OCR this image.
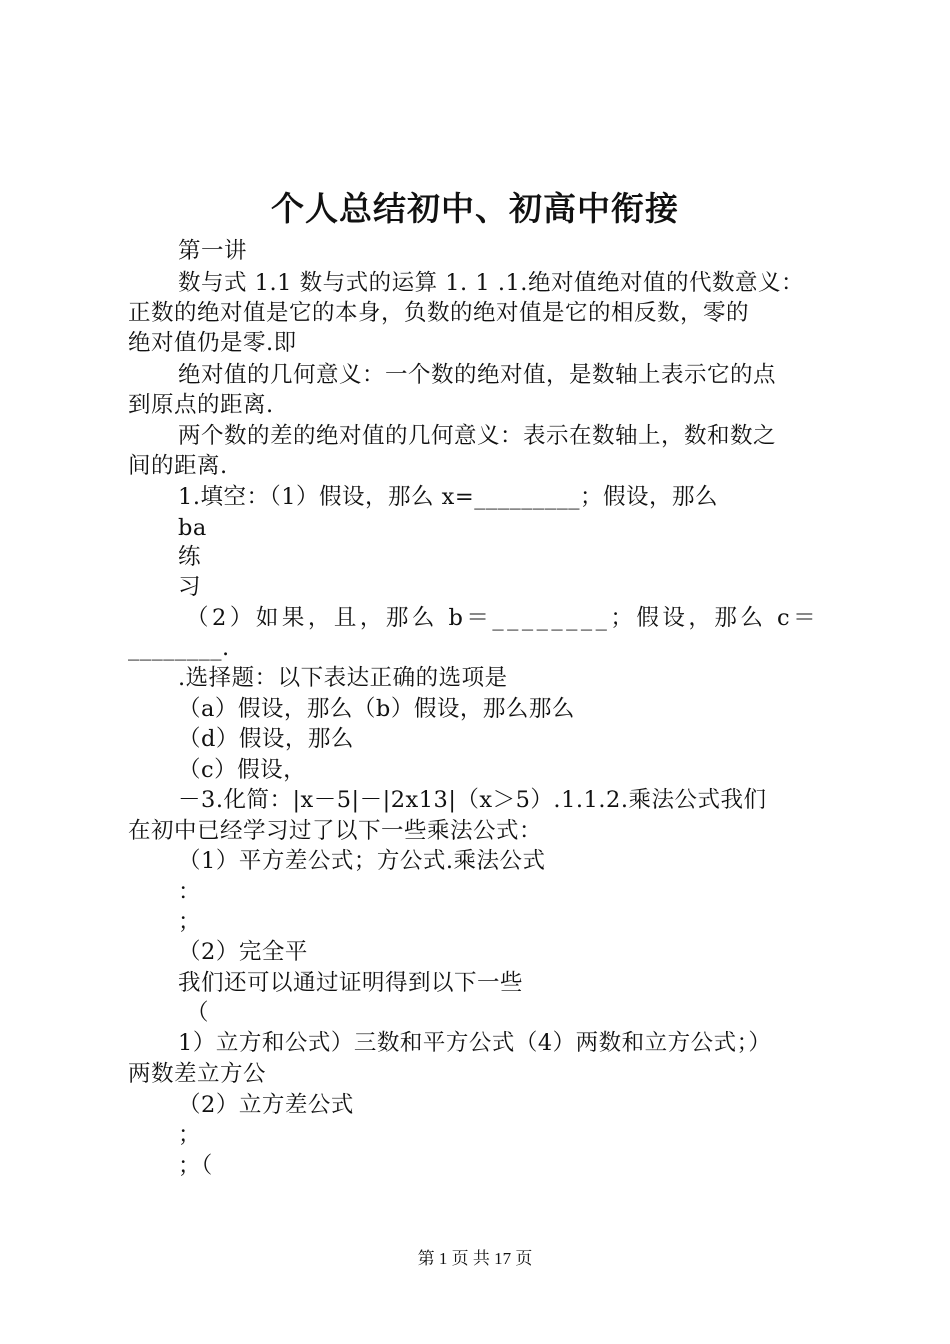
个人总结初中、初高中衔接
第一讲
数与式 1.1 数与式的运算 1. 1 .1.绝对值绝对值的代数意义：
正数的绝对值是它的本身，负数的绝对值是它的相反数，零的
绝对值仍是零.即
绝对值的几何意义：一个数的绝对值，是数轴上表示它的点
到原点的距离.
两个数的差的绝对值的几何意义：表示在数轴上，数和数之
间的距离.
1.填空：（1）假设，那么 x=_________；假设，那么
ba
练
习
（2）如果，且，那么 b＝________；假设，那么 c＝
________.
.选择题：以下表达正确的选项是
（a）假设，那么（b）假设，那么那么
（d）假设，那么
（c）假设，
－3.化简：|x－5|－|2x13|（x＞5）.1.1.2.乘法公式我们
在初中已经学习过了以下一些乘法公式：
（1）平方差公式；方公式.乘法公式
：
；
（2）完全平
我们还可以通过证明得到以下一些
（
1）立方和公式）三数和平方公式（4）两数和立方公式；）
两数差立方公
（2）立方差公式
；
；（
第 1 页 共 17 页
